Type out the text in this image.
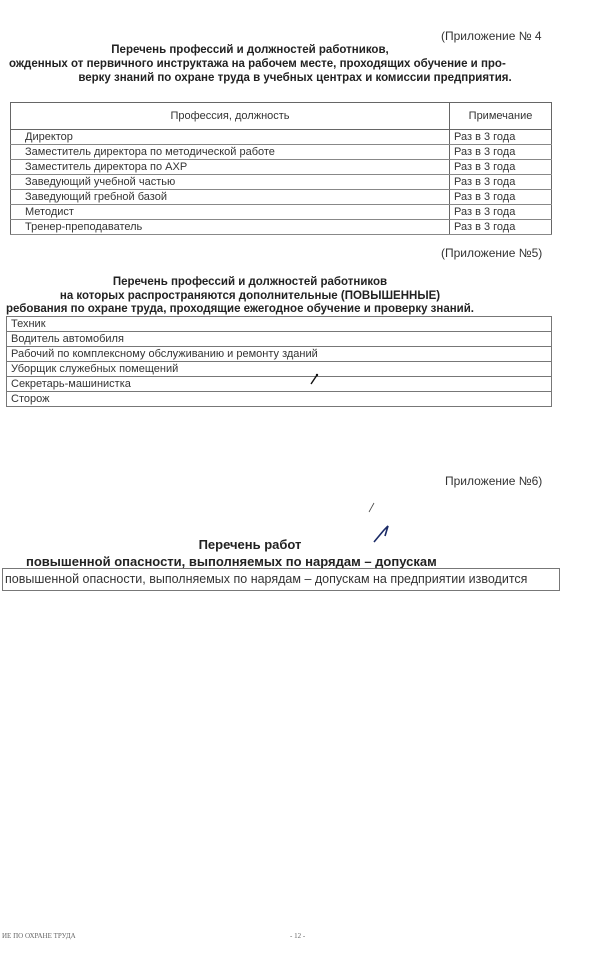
(Приложение № 4
Перечень профессий и должностей работников,
ожденных от первичного инструктажа на рабочем месте, проходящих обучение и про-
верку знаний по охране труда в учебных центрах и комиссии предприятия.
Профессия, должность	Примечание
Директор	Раз в 3 года
Заместитель директора по методической работе	Раз в 3 года
Заместитель директора по АХР	Раз в 3 года
Заведующий учебной частью	Раз в 3 года
Заведующий гребной базой	Раз в 3 года
Методист	Раз в 3 года
Тренер-преподаватель	Раз в 3 года
(Приложение №5)
Перечень профессий и должностей работников
на которых распространяются дополнительные (ПОВЫШЕННЫЕ)
ребования по охране труда, проходящие ежегодное обучение и проверку знаний.
Техник
Водитель автомобиля
Рабочий по комплексному обслуживанию и ремонту зданий
Уборщик служебных помещений
Секретарь-машинистка
Сторож
Приложение №6)
Перечень работ
повышенной опасности, выполняемых по нарядам – допускам
повышенной опасности, выполняемых по нарядам – допускам на предприятии изводится
ИЕ ПО ОХРАНЕ ТРУДА	- 12 -
